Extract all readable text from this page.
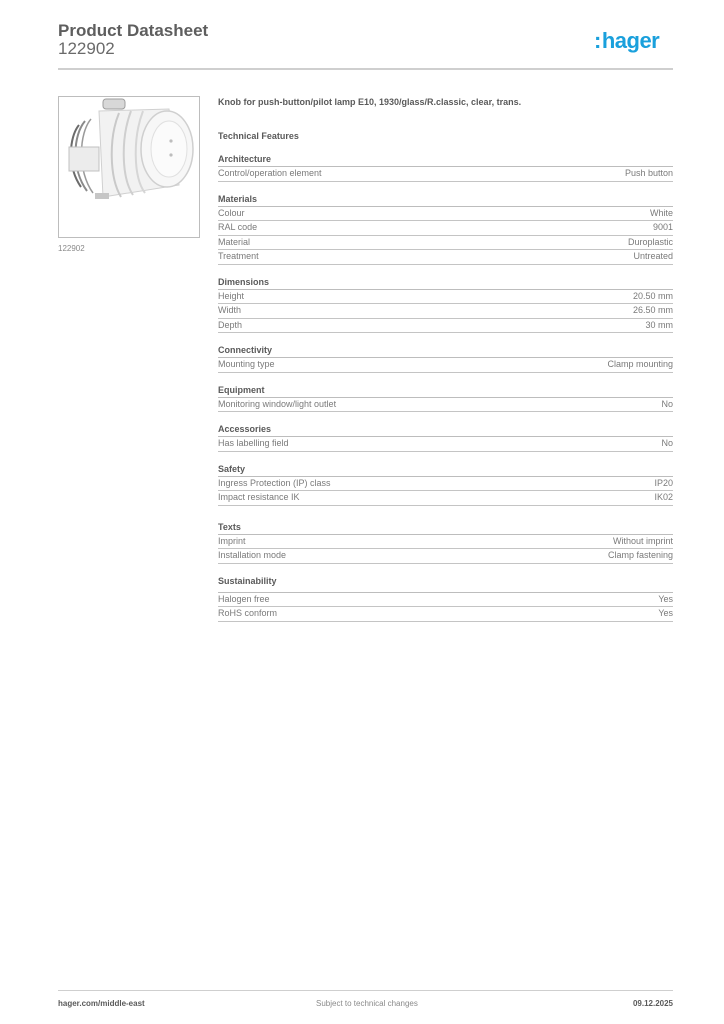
Product Datasheet
122902	:hager
122902
Knob for push-button/pilot lamp E10, 1930/glass/R.classic, clear, trans.
Technical Features
Architecture
Control/operation element	Push button
Materials
Colour	White
RAL code	9001
Material	Duroplastic
Treatment	Untreated
Dimensions
Height	20.50 mm
Width	26.50 mm
Depth	30 mm
Connectivity
Mounting type	Clamp mounting
Equipment
Monitoring window/light outlet	No
Accessories
Has labelling field	No
Safety
Ingress Protection (IP) class	IP20
Impact resistance IK	IK02
Texts
Imprint	Without imprint
Installation mode	Clamp fastening
Sustainability
Halogen free	Yes
RoHS conform	Yes
hager.com/middle-east	Subject to technical changes	09.12.2025
